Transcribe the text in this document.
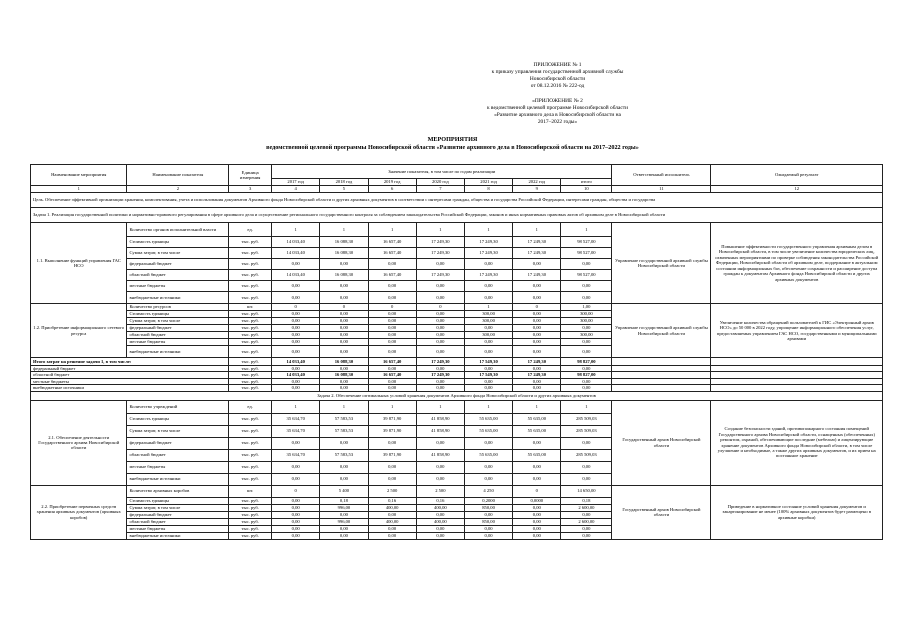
ПРИЛОЖЕНИЕ № 1
к приказу управления государственной архивной службы
Новосибирской области
от 08.12.2016 № 222-од
«ПРИЛОЖЕНИЕ № 2
к ведомственной целевой программе Новосибирской области
«Развитие архивного дела в Новосибирской области на
2017–2022 годы»
МЕРОПРИЯТИЯ
ведомственной целевой программы Новосибирской области «Развитие архивного дела в Новосибирской области на 2017–2022 годы»
Наименование мероприятия	Наименование показателя	Единица измерения	Значение показателя, в том числе по годам реализации							Ответственный исполнитель	Ожидаемый результат
			2017 год	2018 год	2019 год	2020 год	2021 год	2022 год	итого		
1	2	3	4	5	6	7	8	9	10	11	12
Цель. Обеспечение эффективной организации хранения, комплектования, учета и использования документов Архивного фонда Новосибирской области и других архивных документов в соответствии с интересами граждан, общества и государства Российской Федерации, интересами граждан, общества и государства											
Задача 1. Реализация государственной политики и нормативно-правового регулирования в сфере архивного дела и осуществление регионального государственного контроля за соблюдением законодательства Российской Федерации, законов и иных нормативных правовых актов об архивном деле в Новосибирской области											
1.1. Выполнение функций управления ГАС НСО	Количество органов исполнительной власти	ед.	1	1	1	1	1	1	1	Управление государственной архивной службы Новосибирской области	Повышение эффективности государственного управления архивным делом в Новосибирской области, в том числе увеличение количества юридических лиц, охваченных мероприятиями по проверке соблюдения законодательства Российской Федерации, Новосибирской области об архивном деле, поддержание в актуальном состоянии информационных баз, обеспечение сохранности и расширение доступа граждан к документам Архивного фонда Новосибирской области и других архивных документов
	Стоимость единицы	тыс. руб.	14 033,40	16 088,30	16 657,40	17 249,30	17 249,30	17 249,30	98 527,00		
	Сумма затрат, в том числе	тыс. руб.	14 033,40	16 088,30	16 657,40	17 249,30	17 249,30	17 249,30	98 527,00		
	федеральный бюджет	тыс. руб.	0,00	0,00	0,00	0,00	0,00	0,00	0,00		
	областной бюджет	тыс. руб.	14 033,40	16 088,30	16 657,40	17 249,30	17 249,30	17 249,30	98 527,00		
	местные бюджеты	тыс. руб.	0,00	0,00	0,00	0,00	0,00	0,00	0,00		
	внебюджетные источники	тыс. руб.	0,00	0,00	0,00	0,00	0,00	0,00	0,00		
1.2. Приобретение информационного сетевого ресурса	Количество ресурсов	шт.	0	0	0	0	1	0	1,00	Управление государственной архивной службы Новосибирской области	Увеличение количества обращений пользователей к ГИС «Электронный архив НСО» до 50 000 в 2022 году, упрощение информационного обеспечения услуг, предоставляемых управлением ГАС НСО, государственными и муниципальными архивами
	Стоимость единицы	тыс. руб.	0,00	0,00	0,00	0,00	300,00	0,00	300,00		
	Сумма затрат, в том числе	тыс. руб.	0,00	0,00	0,00	0,00	300,00	0,00	300,00		
	федеральный бюджет	тыс. руб.	0,00	0,00	0,00	0,00	0,00	0,00	0,00		
	областной бюджет	тыс. руб.	0,00	0,00	0,00	0,00	300,00	0,00	300,00		
	местные бюджеты	тыс. руб.	0,00	0,00	0,00	0,00	0,00	0,00	0,00		
	внебюджетные источники	тыс. руб.	0,00	0,00	0,00	0,00	0,00	0,00	0,00		
Итого затрат на решение задачи 1, в том числе:		тыс. руб.	14 033,40	16 088,30	16 657,40	17 249,30	17 549,30	17 249,30	98 827,00		
федеральный бюджет		тыс. руб.	0,00	0,00	0,00	0,00	0,00	0,00	0,00		
областной бюджет		тыс. руб.	14 033,40	16 088,30	16 657,40	17 249,30	17 549,30	17 249,30	98 827,00		
местные бюджеты		тыс. руб.	0,00	0,00	0,00	0,00	0,00	0,00	0,00		
внебюджетные источники		тыс. руб.	0,00	0,00	0,00	0,00	0,00	0,00	0,00		
Задача 2. Обеспечение оптимальных условий хранения документов Архивного фонда Новосибирской области и других архивных документов											
2.1. Обеспечение деятельности Государственного архива Новосибирской области	Количество учреждений	ед.	1	1	1	1	1	1	1	Государственный архив Новосибирской области	Создание безопасности зданий, противопожарного состояния помещений Государственного архива Новосибирской области, оснащенных (обеспеченных) ремонтом, охраной, обеспечивающие последние (мебелью) и лицензирующие хранение документов Архивного фонда Новосибирской области, в том числе улучшение и необходимые, а также других архивных документов, и их прием на постоянное хранение
	Стоимость единицы	тыс. руб.	35 634,70	57 583,53	39 871,90	41 858,90	55 635,00	55 635,00	285 509,03		
	Сумма затрат, в том числе	тыс. руб.	35 634,70	57 583,53	39 871,90	41 858,90	55 635,00	55 635,00	285 509,03		
	федеральный бюджет	тыс. руб.	0,00	0,00	0,00	0,00	0,00	0,00	0,00		
	областной бюджет	тыс. руб.	35 634,70	57 583,53	39 871,90	41 858,90	55 635,00	55 635,00	285 509,03		
	местные бюджеты	тыс. руб.	0,00	0,00	0,00	0,00	0,00	0,00	0,00		
	внебюджетные источники	тыс. руб.	0,00	0,00	0,00	0,00	0,00	0,00	0,00		
2.2. Приобретение первичных средств хранения архивных документов (архивных коробов)	Количество архивных коробов	шт.	0	5 400	2 500	2 500	4 250	0	14 650,00	Государственный архив Новосибирской области	Приведение в нормативное состояние условий хранения документов и закартонирование не менее (100% архивных документов будет размещено в архивные коробки)
	Стоимость единицы	тыс. руб.	0,00	0,18	0,16	0,16	0,2000	0,0000	0,18		
	Сумма затрат, в том числе	тыс. руб.	0,00	996,00	400,00	400,00	850,00	0,00	2 600,00		
	федеральный бюджет	тыс. руб.	0,00	0,00	0,00	0,00	0,00	0,00	0,00		
	областной бюджет	тыс. руб.	0,00	996,00	400,00	400,00	850,00	0,00	2 600,00		
	местные бюджеты	тыс. руб.	0,00	0,00	0,00	0,00	0,00	0,00	0,00		
	внебюджетные источники	тыс. руб.	0,00	0,00	0,00	0,00	0,00	0,00	0,00		
